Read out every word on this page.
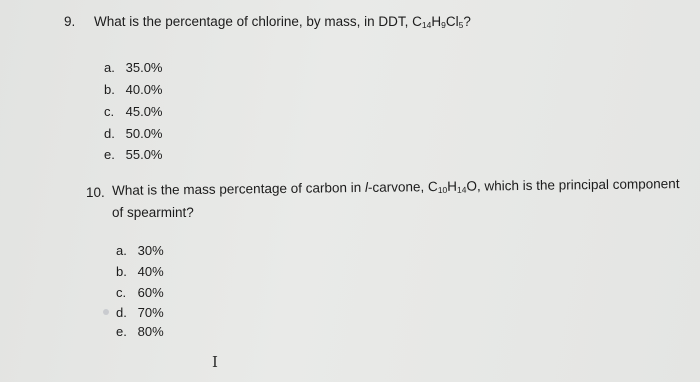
9. What is the percentage of chlorine, by mass, in DDT, $C_{14}H_9Cl_5$?
a. 35.0%
b. 40.0%
c. 45.0%
d. 50.0%
e. 55.0%
10. What is the mass percentage of carbon in l-carvone, $C_{10}H_{14}O$, which is the principal component
of spearmint?
a. 30%
b. 40%
c. 60%
d. 70%
e. 80%
I
